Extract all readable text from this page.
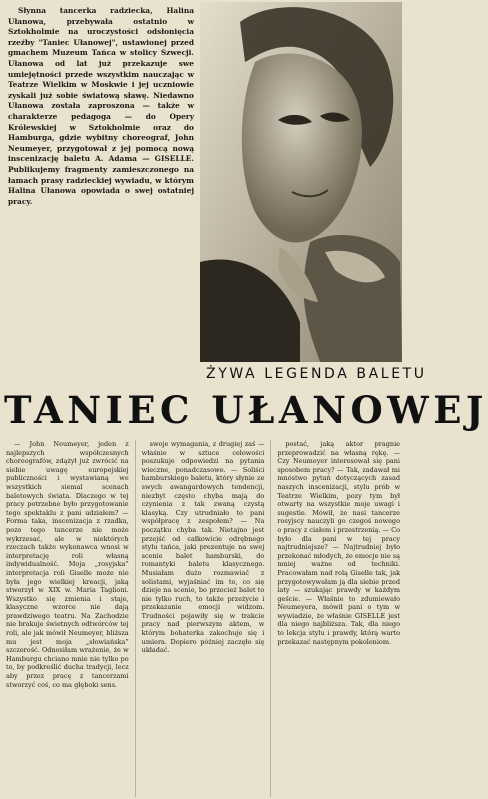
Słynna tancerka radziecka, Halina Ułanowa, przebywała ostatnio w Sztokholmie na uroczystości odsłonięcia rzeźby "Taniec Ułanowej", ustawionej przed gmachem Muzeum Tańca w stolicy Szwecji. Ułanowa od lat już przekazuje swe umiejętności przede wszystkim nauczając w Teatrze Wielkim w Moskwie i jej uczniowie zyskali już sobie światową sławę. Niedawno Ułanowa została zaproszona — także w charakterze pedagoga — do Opery Królewskiej w Sztokholmie oraz do Hamburga, gdzie wybitny choreograf, John Neumeyer, przygotował z jej pomocą nową inscenizację baletu A. Adama — GISELLE. Publikujemy fragmenty zamieszczonego na łamach prasy radzieckiej wywiadu, w którym Halina Ułanowa opowiada o swej ostatniej pracy.

ŻYWA LEGENDA BALETU
TANIEC UŁANOWEJ

— John Neumeyer, jeden z najlepszych współczesnych choreografów, zdążył już zwrócić na siebie uwagę europejskiej publiczności i wystawianą we wszystkich siemal scenach baletowych świata. Dlaczego w tej pracy potrzebne było przygotowanie tego spektaklu z pani udziałem? — Forma taka, inscenizacja z rzadka, pozo tego tancerze nie może wykrzesać, ale w niektórych rzeczach także wykonawca wnosi w interpretację roli własną indywidualność. Moja „rosyjska” interpretacja roli Giselle może nie była jego wielkiej kreacji, jaką stworzył w XIX w. Maria Taglioni. Wszystko się zmienia i staje, klasyczne wzorce nie dają prawdziwego teatru. Na Zachodzie nie brakuje świetnych odtwórców tej roli, ale jak mówił Neumeyer, bliższa mu jest moja „słowiańska” szczerość. Odnosiłam wrażenie, że w Hamburgu chciano mnie nie tylko po to, by podkreślić ducha tradycji, lecz aby przez pracę z tancerzami stworzyć coś, co ma głęboki sens.

swoje wymagania, z drugiej zaś — właśnie w sztuce celowości poszukuje odpowiedzi na pytania wieczne, ponadczasowe. — Soliści hamburskiego baletu, który słynie ze swych awangardowych tendencji, niezbyt często chyba mają do czynienia z tak zwaną czystą klasyką. Czy utrudniało to pani współpracę z zespołem? — Na początku chyba tak. Nietajno jest przejść od całkowicie odrębnego stylu tańca, jaki prezentuje na swej scenie balet hamburski, do romantyki baletu klasycznego. Musiałam dużo rozmawiać z solistami, wyjaśniać im to, co się dzieje na scenie, bo przecież balet to nie tylko ruch, to także przeżycie i przekazanie emocji widzom. Trudności pojawiły się w trakcie pracy nad pierwszym aktem, w którym bohaterka zakochuje się i umiera. Dopiero później zaczęło się układać.

postać, jaką aktor pragnie przeprowadzić na własną rękę. — Czy Neumeyer interesował się pani sposobem pracy? — Tak, zadawał mi mnóstwo pytań dotyczących zasad naszych inscenizacji, stylu prób w Teatrze Wielkim, pozy tym był otwarty na wszystkie moje uwagi i sugestie. Mówił, że nasi tancerze rosyjscy nauczyli go czegoś nowego o pracy z ciałem i przestrzenią. — Co było dla pani w tej pracy najtrudniejsze? — Najtrudniej było przekonać młodych, że emocje nie są mniej ważne od techniki. Pracowałam nad rolą Giselle tak, jak przygotowywałam ją dla siebie przed laty — szukając prawdy w każdym geście. — Właśnie to zdumiewało Neumeyera, mówił pani o tym w wywiadzie, że właśnie GISELLE jest dla niego najbliższa. Tak, dla niego to lekcja stylu i prawdy, którą warto przekazać następnym pokoleniom.
